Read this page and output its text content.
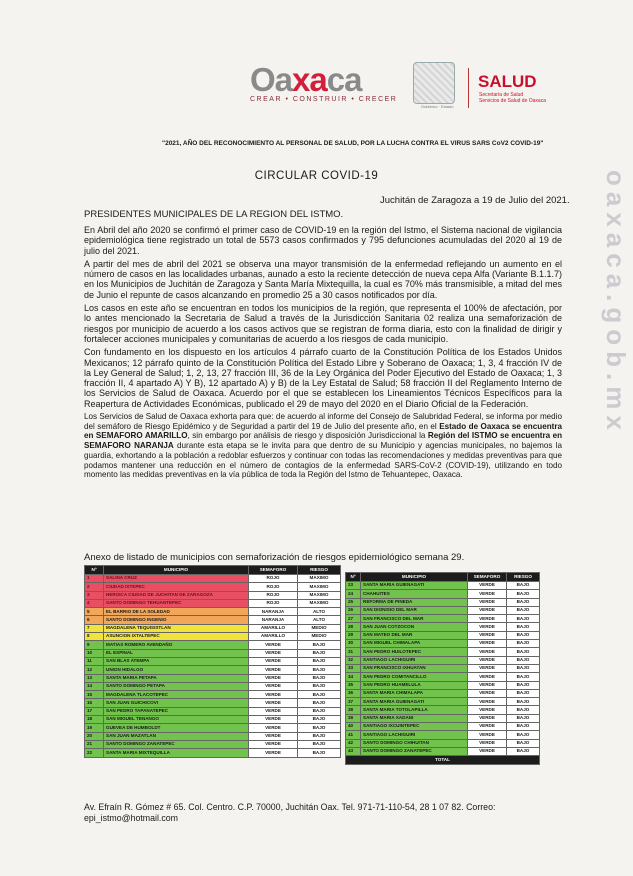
oaxaca.gob.mx
Oaxaca
CREAR • CONSTRUIR • CRECER
Gobierno · Estado
SALUD
Secretaría de Salud
Servicios de Salud de Oaxaca
"2021, AÑO DEL RECONOCIMIENTO AL PERSONAL DE SALUD, POR LA LUCHA CONTRA EL VIRUS SARS CoV2 COVID-19"
CIRCULAR COVID-19
Juchitán de Zaragoza a 19 de Julio del 2021.
PRESIDENTES MUNICIPALES DE LA REGION DEL ISTMO.

En Abril del año 2020 se confirmó el primer caso de COVID-19 en la región del Istmo, el Sistema nacional de vigilancia epidemiológica tiene registrado un total de 5573 casos confirmados y 795 defunciones acumuladas del 2020 al 19 de julio del 2021.

A partir del mes de abril del 2021 se observa una mayor transmisión de la enfermedad reflejando un aumento en el número de casos en las localidades urbanas, aunado a esto la reciente detección de nueva cepa Alfa (Variante B.1.1.7) en los Municipios de Juchitán de Zaragoza y Santa María Mixtequilla, la cual es 70% más transmisible, a mitad del mes de Junio el repunte de casos alcanzando en promedio 25 a 30 casos notificados por día.

Los casos en este año se encuentran en todos los municipios de la región, que representa el 100% de afectación, por lo antes mencionado la Secretaria de Salud a través de la Jurisdicción Sanitaria 02 realiza una semaforización de riesgos por municipio de acuerdo a los casos activos que se registran de forma diaria, esto con la finalidad de dirigir y fortalecer acciones municipales y comunitarias de acuerdo a los riesgos de cada municipio.

Con fundamento en los dispuesto en los artículos 4 párrafo cuarto de la Constitución Política de los Estados Unidos Mexicanos; 12 párrafo quinto de la Constitución Política del Estado Libre y Soberano de Oaxaca; 1, 3, 4 fracción IV de la Ley General de Salud; 1, 2, 13, 27 fracción III, 36 de la Ley Orgánica del Poder Ejecutivo del Estado de Oaxaca; 1, 3 fracción II, 4 apartado A) Y B), 12 apartado A) y B) de la Ley Estatal de Salud; 58 fracción II del Reglamento Interno de los Servicios de Salud de Oaxaca. Acuerdo por el que se establecen los Lineamientos Técnicos Específicos para la Reapertura de Actividades Económicas, publicado el 29 de mayo del 2020 en el Diario Oficial de la Federación.

Los Servicios de Salud de Oaxaca exhorta para que: de acuerdo al informe del Consejo de Salubridad Federal, se informa por medio del semáforo de Riesgo Epidémico y de Seguridad a partir del 19 de Julio del presente año, en el Estado de Oaxaca se encuentra en SEMAFORO AMARILLO, sin embargo por análisis de riesgo y disposición Jurisdiccional la Región del ISTMO se encuentra en SEMAFORO NARANJA durante esta etapa se le invita para que dentro de su Municipio y agencias municipales, no bajemos la guardia, exhortando a la población a redoblar esfuerzos y continuar con todas las recomendaciones y medidas preventivas para que podamos mantener una reducción en el número de contagios de la enfermedad SARS-CoV-2 (COVID-19), utilizando en todo momento las medidas preventivas en la vía pública de toda la Región del Istmo de Tehuantepec, Oaxaca.

Anexo de listado de municipios con semaforización de riesgos epidemiológico semana 29.
Nº	MUNICIPIO	SEMAFORO	RIESGO
1	SALINA CRUZ	ROJO	MAXIMO
2	CIUDAD IXTEPEC	ROJO	MAXIMO
3	HEROICA CIUDAD DE JUCHITAN DE ZARAGOZA	ROJO	MAXIMO
4	SANTO DOMINGO TEHUANTEPEC	ROJO	MAXIMO
5	EL BARRIO DE LA SOLEDAD	NARANJA	ALTO
6	SANTO DOMINGO INGENIO	NARANJA	ALTO
7	MAGDALENA TEQUISISTLAN	AMARILLO	MEDIO
8	ASUNCION IXTALTEPEC	AMARILLO	MEDIO
9	MATIAS ROMERO AVENDAÑO	VERDE	BAJO
10	EL ESPINAL	VERDE	BAJO
11	SAN BLAS ATEMPA	VERDE	BAJO
12	UNION HIDALGO	VERDE	BAJO
13	SANTA MARIA PETAPA	VERDE	BAJO
14	SANTO DOMINGO PETAPA	VERDE	BAJO
15	MAGDALENA TLACOTEPEC	VERDE	BAJO
16	SAN JUAN GUICHICOVI	VERDE	BAJO
17	SAN PEDRO TAPANATEPEC	VERDE	BAJO
18	SAN MIGUEL TENANGO	VERDE	BAJO
19	GUEVEA DE HUMBOLDT	VERDE	BAJO
20	SAN JUAN MAZATLAN	VERDE	BAJO
21	SANTO DOMINGO ZANATEPEC	VERDE	BAJO
22	SANTA MARIA MIXTEQUILLA	VERDE	BAJO
Nº	MUNICIPIO	SEMAFORO	RIESGO
23	SANTA MARIA GUIENAGATI	VERDE	BAJO
24	CHAHUITES	VERDE	BAJO
25	REFORMA DE PINEDA	VERDE	BAJO
26	SAN DIONISIO DEL MAR	VERDE	BAJO
27	SAN FRANCISCO DEL MAR	VERDE	BAJO
28	SAN JUAN COTZOCON	VERDE	BAJO
29	SAN MATEO DEL MAR	VERDE	BAJO
30	SAN MIGUEL CHIMALAPA	VERDE	BAJO
31	SAN PEDRO HUILOTEPEC	VERDE	BAJO
32	SANTIAGO LACHIGUIRI	VERDE	BAJO
33	SAN FRANCISCO IXHUATAN	VERDE	BAJO
34	SAN PEDRO COMITANCILLO	VERDE	BAJO
35	SAN PEDRO HUAMELULA	VERDE	BAJO
36	SANTA MARIA CHIMALAPA	VERDE	BAJO
37	SANTA MARIA GUIENAGATI	VERDE	BAJO
38	SANTA MARIA TOTOLAPILLA	VERDE	BAJO
39	SANTA MARIA XADANI	VERDE	BAJO
40	SANTIAGO IXCUINTEPEC	VERDE	BAJO
41	SANTIAGO LACHIGUIRI	VERDE	BAJO
42	SANTO DOMINGO CHIHUITAN	VERDE	BAJO
43	SANTO DOMINGO ZANATEPEC	VERDE	BAJO
TOTAL			
Av. Efraín R. Gómez # 65. Col. Centro. C.P. 70000, Juchitán Oax. Tel. 971-71-110-54, 28 1 07 82. Correo:
epi_istmo@hotmail.com
